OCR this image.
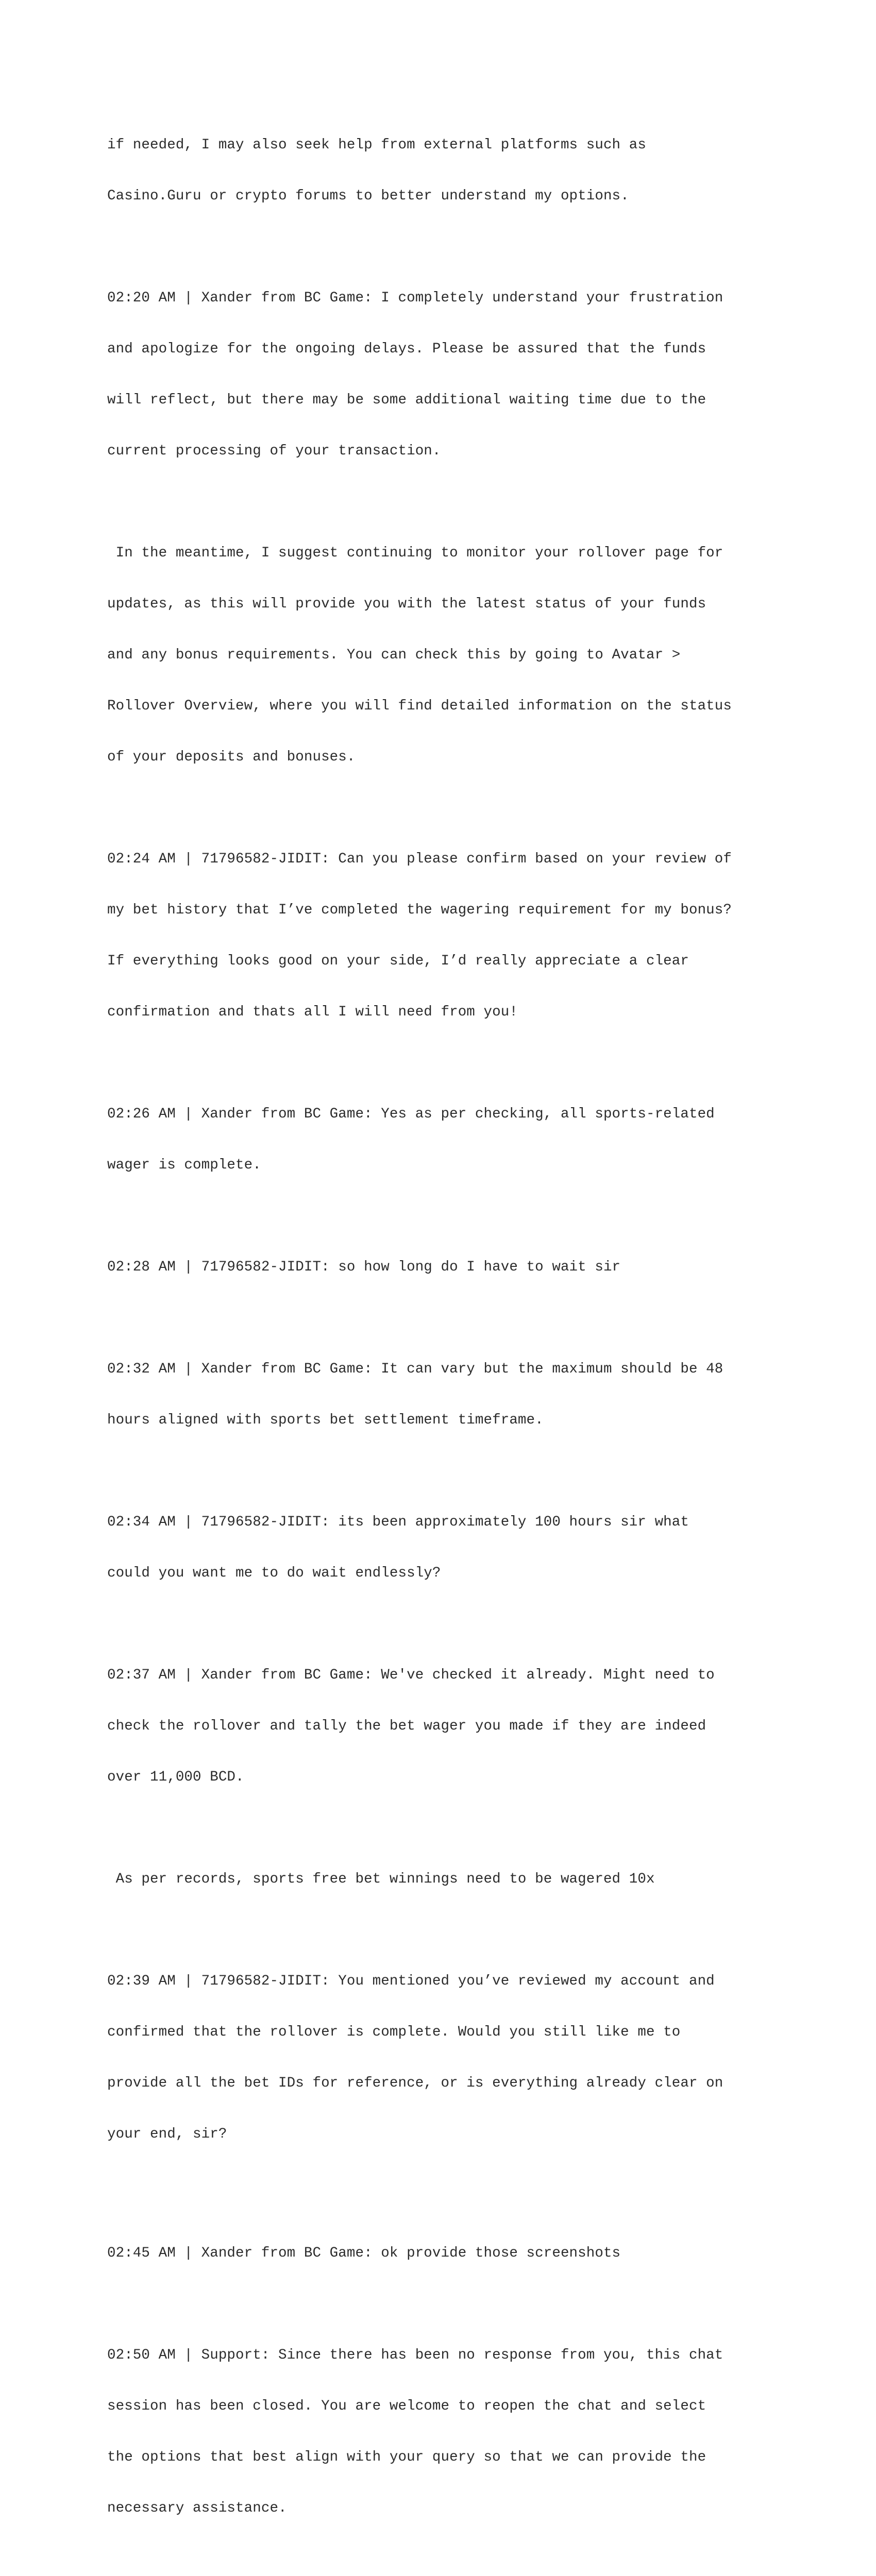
if needed, I may also seek help from external platforms such as

Casino.Guru or crypto forums to better understand my options.

02:20 AM | Xander from BC Game: I completely understand your frustration

and apologize for the ongoing delays. Please be assured that the funds

will reflect, but there may be some additional waiting time due to the

current processing of your transaction.

In the meantime, I suggest continuing to monitor your rollover page for

updates, as this will provide you with the latest status of your funds

and any bonus requirements. You can check this by going to Avatar >

Rollover Overview, where you will find detailed information on the status

of your deposits and bonuses.

02:24 AM | 71796582-JIDIT: Can you please confirm based on your review of

my bet history that I’ve completed the wagering requirement for my bonus?

If everything looks good on your side, I’d really appreciate a clear

confirmation and thats all I will need from you!

02:26 AM | Xander from BC Game: Yes as per checking, all sports-related

wager is complete.

02:28 AM | 71796582-JIDIT: so how long do I have to wait sir

02:32 AM | Xander from BC Game: It can vary but the maximum should be 48

hours aligned with sports bet settlement timeframe.

02:34 AM | 71796582-JIDIT: its been approximately 100 hours sir what

could you want me to do wait endlessly?

02:37 AM | Xander from BC Game: We've checked it already. Might need to

check the rollover and tally the bet wager you made if they are indeed

over 11,000 BCD.

As per records, sports free bet winnings need to be wagered 10x

02:39 AM | 71796582-JIDIT: You mentioned you’ve reviewed my account and

confirmed that the rollover is complete. Would you still like me to

provide all the bet IDs for reference, or is everything already clear on

your end, sir?

02:45 AM | Xander from BC Game: ok provide those screenshots

02:50 AM | Support: Since there has been no response from you, this chat

session has been closed. You are welcome to reopen the chat and select

the options that best align with your query so that we can provide the

necessary assistance.
